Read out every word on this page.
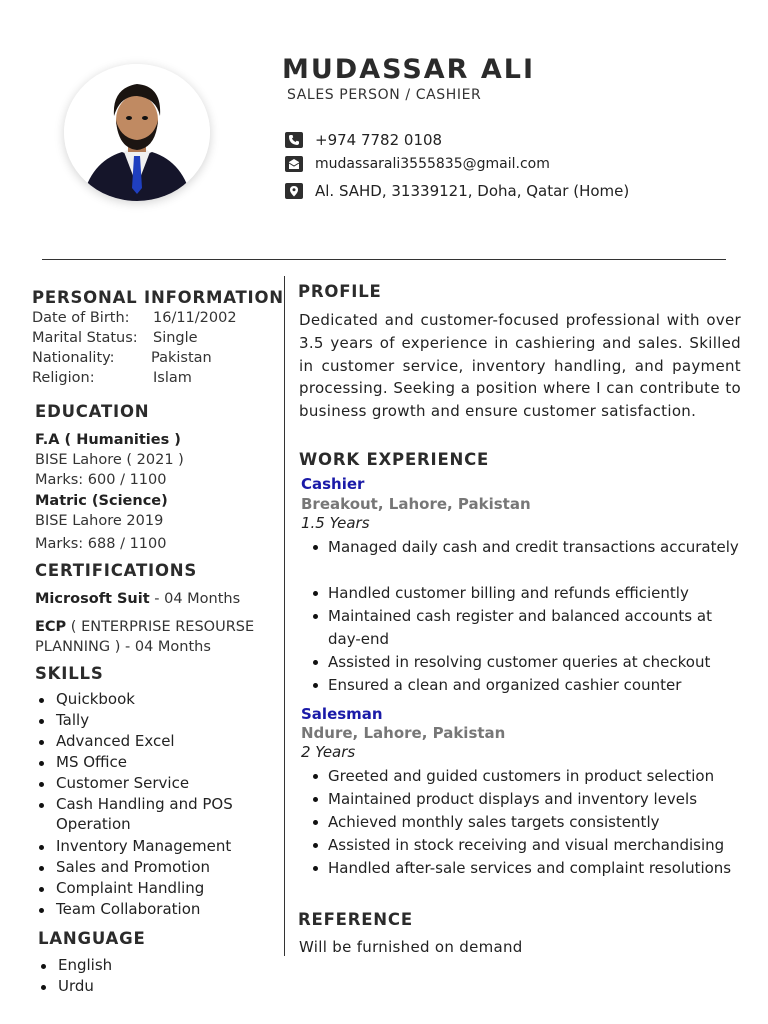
MUDASSAR ALI
SALES PERSON / CASHIER
+974 7782 0108
mudassarali3555835@gmail.com
Al. SAHD, 31339121, Doha, Qatar (Home)
PERSONAL INFORMATION
Date of Birth: 16/11/2002
Marital Status: Single
Nationality:	Pakistan
Religion:	Islam
EDUCATION
F.A ( Humanities )
BISE Lahore ( 2021 )
Marks: 600 / 1100
Matric (Science)
BISE Lahore 2019
Marks: 688 / 1100
CERTIFICATIONS
Microsoft Suit - 04 Months
ECP ( ENTERPRISE RESOURSE
PLANNING ) - 04 Months
SKILLS
Quickbook
Tally
Advanced Excel
MS Office
Customer Service
Cash Handling and POS
Operation
Inventory Management
Sales and Promotion
Complaint Handling
Team Collaboration
LANGUAGE
English
Urdu
PROFILE
Dedicated and customer-focused professional with over 3.5 years of experience in cashiering and sales. Skilled in customer service, inventory handling, and payment processing. Seeking a position where I can contribute to business growth and ensure customer satisfaction.
WORK EXPERIENCE
Cashier
Breakout, Lahore, Pakistan
1.5 Years
Managed daily cash and credit transactions accurately
Handled customer billing and refunds efficiently
Maintained cash register and balanced accounts at day-end
Assisted in resolving customer queries at checkout
Ensured a clean and organized cashier counter
Salesman
Ndure, Lahore, Pakistan
2 Years
Greeted and guided customers in product selection
Maintained product displays and inventory levels
Achieved monthly sales targets consistently
Assisted in stock receiving and visual merchandising
Handled after-sale services and complaint resolutions
REFERENCE
Will be furnished on demand
